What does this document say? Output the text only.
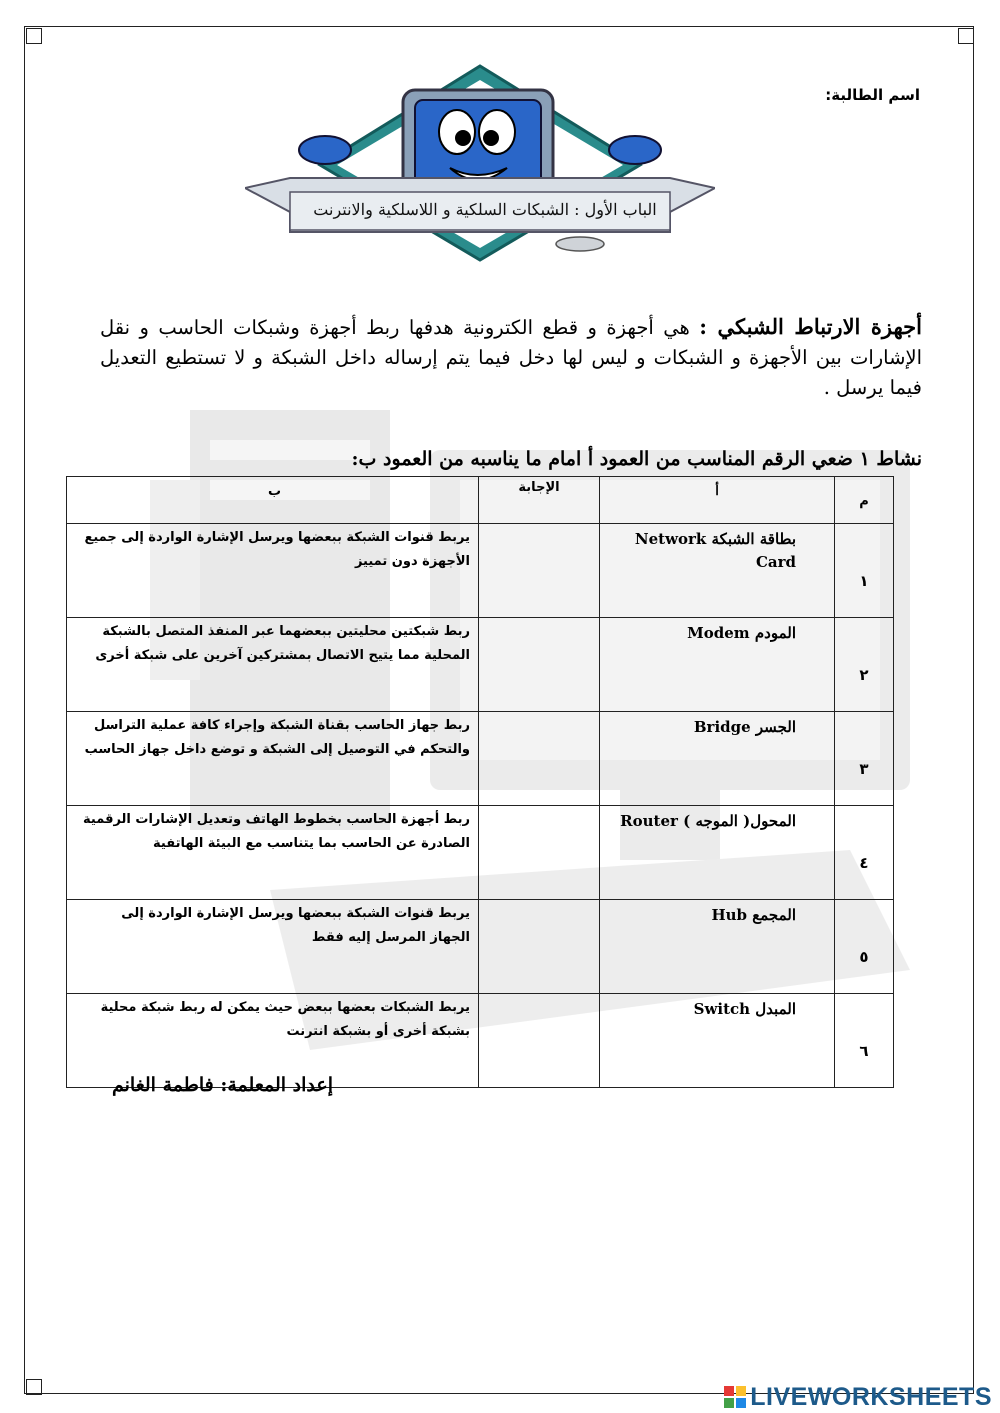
اسم الطالبة:
الباب الأول : الشبكات السلكية و اللاسلكية والانترنت
أجهزة الارتباط الشبكي : هي أجهزة و قطع الكترونية هدفها ربط أجهزة وشبكات الحاسب و نقل الإشارات بين الأجهزة و الشبكات و ليس لها دخل فيما يتم إرساله داخل الشبكة و لا تستطيع التعديل فيما يرسل .
نشاط ١ ضعي الرقم المناسب من العمود أ امام ما يناسبه من العمود ب:
م	أ	الإجابة	ب
١	بطاقة الشبكة Network Card		يربط قنوات الشبكة ببعضها ويرسل الإشارة الواردة إلى جميع الأجهزة دون تمييز
٢	المودم Modem		ربط شبكتين محليتين ببعضهما عبر المنفذ المتصل بالشبكة المحلية مما يتيح الاتصال بمشتركين آخرين على شبكة أخرى
٣	الجسر Bridge		ربط جهاز الحاسب بقناة الشبكة وإجراء كافة عملية التراسل والتحكم في التوصيل إلى الشبكة و توضع داخل جهاز الحاسب
٤	المحول( الموجه ) Router		ربط أجهزة الحاسب بخطوط الهاتف وتعديل الإشارات الرقمية الصادرة عن الحاسب بما يتناسب مع البيئة الهاتفية
٥	المجمع Hub		يربط قنوات الشبكة ببعضها ويرسل الإشارة الواردة إلى الجهاز المرسل إليه فقط
٦	المبدل Switch		يربط الشبكات بعضها ببعض حيث يمكن له ربط شبكة محلية بشبكة أخرى أو بشبكة انترنت
إعداد المعلمة: فاطمة الغانم
LIVEWORKSHEETS
